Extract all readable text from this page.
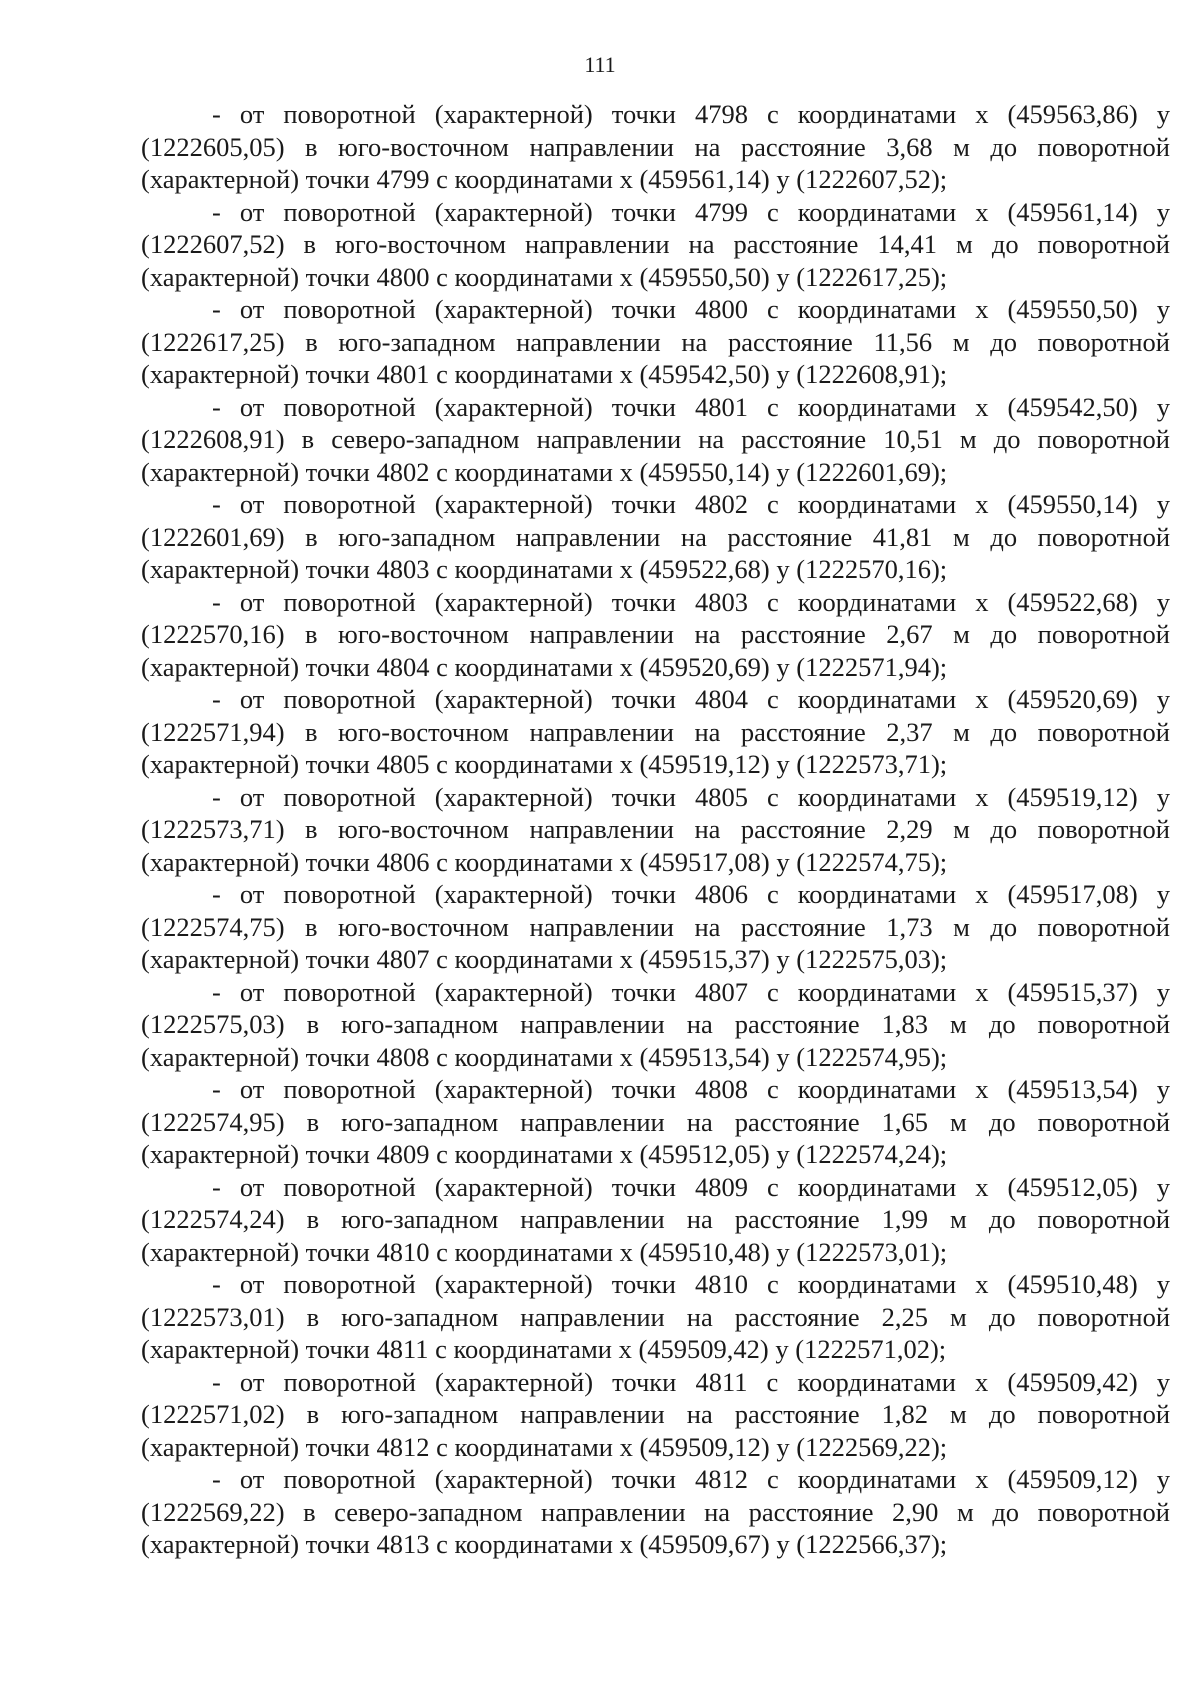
111

- от поворотной (характерной) точки 4798 с координатами x (459563,86) y (1222605,05) в юго-восточном направлении на расстояние 3,68 м до поворотной (характерной) точки 4799 с координатами x (459561,14) y (1222607,52);

- от поворотной (характерной) точки 4799 с координатами x (459561,14) y (1222607,52) в юго-восточном направлении на расстояние 14,41 м до поворотной (характерной) точки 4800 с координатами x (459550,50) y (1222617,25);

- от поворотной (характерной) точки 4800 с координатами x (459550,50) y (1222617,25) в юго-западном направлении на расстояние 11,56 м до поворотной (характерной) точки 4801 с координатами x (459542,50) y (1222608,91);

- от поворотной (характерной) точки 4801 с координатами x (459542,50) y (1222608,91) в северо-западном направлении на расстояние 10,51 м до поворотной (характерной) точки 4802 с координатами x (459550,14) y (1222601,69);

- от поворотной (характерной) точки 4802 с координатами x (459550,14) y (1222601,69) в юго-западном направлении на расстояние 41,81 м до поворотной (характерной) точки 4803 с координатами x (459522,68) y (1222570,16);

- от поворотной (характерной) точки 4803 с координатами x (459522,68) y (1222570,16) в юго-восточном направлении на расстояние 2,67 м до поворотной (характерной) точки 4804 с координатами x (459520,69) y (1222571,94);

- от поворотной (характерной) точки 4804 с координатами x (459520,69) y (1222571,94) в юго-восточном направлении на расстояние 2,37 м до поворотной (характерной) точки 4805 с координатами x (459519,12) y (1222573,71);

- от поворотной (характерной) точки 4805 с координатами x (459519,12) y (1222573,71) в юго-восточном направлении на расстояние 2,29 м до поворотной (характерной) точки 4806 с координатами x (459517,08) y (1222574,75);

- от поворотной (характерной) точки 4806 с координатами x (459517,08) y (1222574,75) в юго-восточном направлении на расстояние 1,73 м до поворотной (характерной) точки 4807 с координатами x (459515,37) y (1222575,03);

- от поворотной (характерной) точки 4807 с координатами x (459515,37) y (1222575,03) в юго-западном направлении на расстояние 1,83 м до поворотной (характерной) точки 4808 с координатами x (459513,54) y (1222574,95);

- от поворотной (характерной) точки 4808 с координатами x (459513,54) y (1222574,95) в юго-западном направлении на расстояние 1,65 м до поворотной (характерной) точки 4809 с координатами x (459512,05) y (1222574,24);

- от поворотной (характерной) точки 4809 с координатами x (459512,05) y (1222574,24) в юго-западном направлении на расстояние 1,99 м до поворотной (характерной) точки 4810 с координатами x (459510,48) y (1222573,01);

- от поворотной (характерной) точки 4810 с координатами x (459510,48) y (1222573,01) в юго-западном направлении на расстояние 2,25 м до поворотной (характерной) точки 4811 с координатами x (459509,42) y (1222571,02);

- от поворотной (характерной) точки 4811 с координатами x (459509,42) y (1222571,02) в юго-западном направлении на расстояние 1,82 м до поворотной (характерной) точки 4812 с координатами x (459509,12) y (1222569,22);

- от поворотной (характерной) точки 4812 с координатами x (459509,12) y (1222569,22) в северо-западном направлении на расстояние 2,90 м до поворотной (характерной) точки 4813 с координатами x (459509,67) y (1222566,37);
